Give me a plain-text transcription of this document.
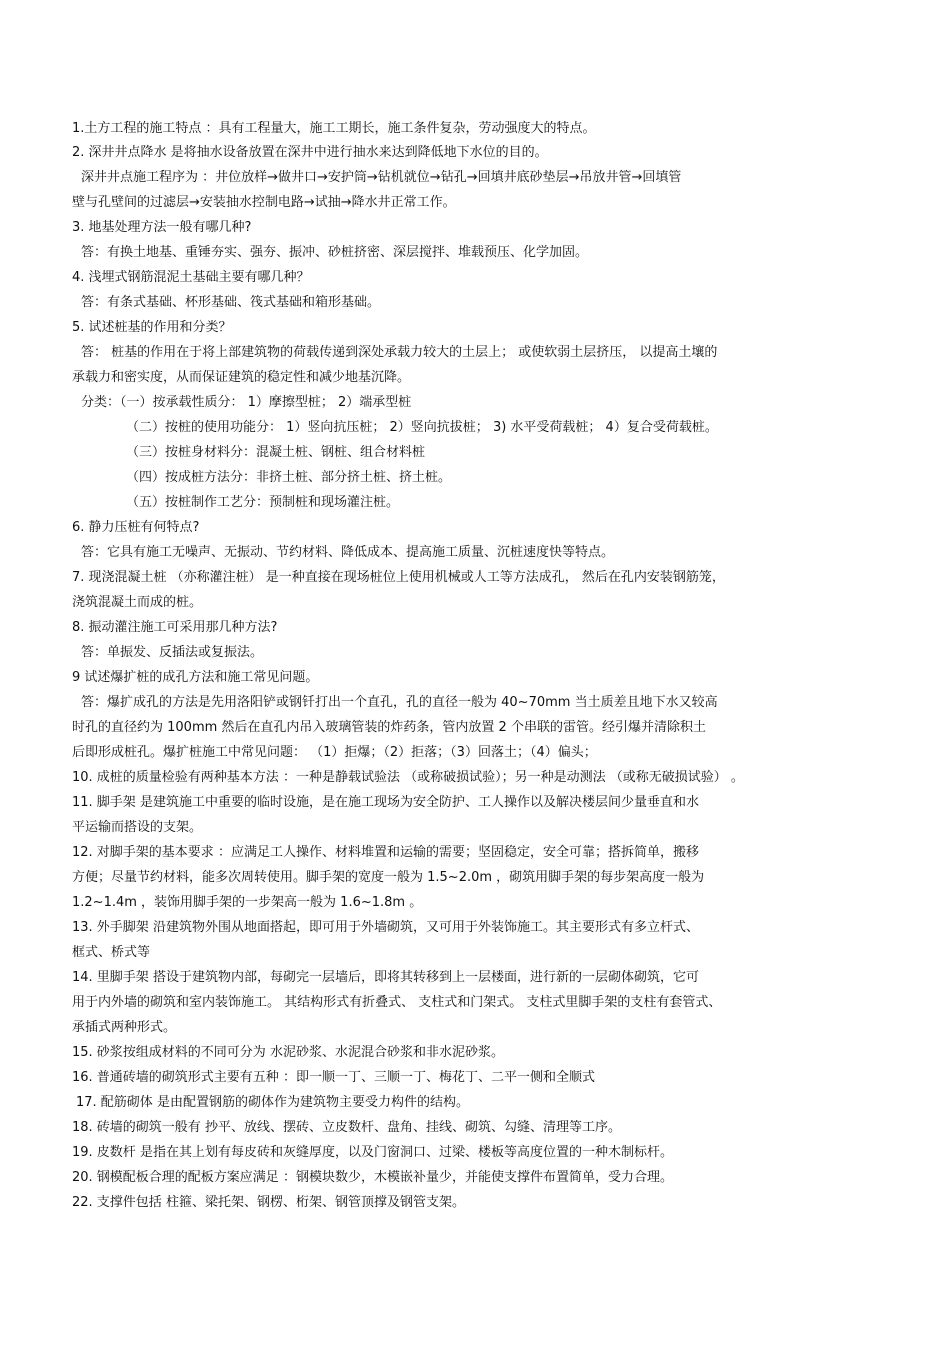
1.土方工程的施工特点 ：具有工程量大，施工工期长，施工条件复杂，劳动强度大的特点。
2. 深井井点降水 是将抽水设备放置在深井中进行抽水来达到降低地下水位的目的。
深井井点施工程序为 ：井位放样→做井口→安护筒→钻机就位→钻孔→回填井底砂垫层→吊放井管→回填管
壁与孔壁间的过滤层→安装抽水控制电路→试抽→降水井正常工作。
3. 地基处理方法一般有哪几种?
答：有换土地基、重锤夯实、强夯、振冲、砂桩挤密、深层搅拌、堆载预压、化学加固。
4. 浅埋式钢筋混泥土基础主要有哪几种？
答：有条式基础、杯形基础、筏式基础和箱形基础。
5. 试述桩基的作用和分类？
答： 桩基的作用在于将上部建筑物的荷载传递到深处承载力较大的土层上； 或使软弱土层挤压， 以提高土壤的
承载力和密实度，从而保证建筑的稳定性和减少地基沉降。
分类：（一）按承载性质分： 1）摩擦型桩； 2）端承型桩
（二）按桩的使用功能分： 1）竖向抗压桩； 2）竖向抗拔桩； 3) 水平受荷载桩； 4）复合受荷载桩。
（三）按桩身材料分：混凝土桩、钢桩、组合材料桩
（四）按成桩方法分：非挤土桩、部分挤土桩、挤土桩。
（五）按桩制作工艺分：预制桩和现场灌注桩。
6. 静力压桩有何特点?
答：它具有施工无噪声、无振动、节约材料、降低成本、提高施工质量、沉桩速度快等特点。
7. 现浇混凝土桩 （亦称灌注桩） 是一种直接在现场桩位上使用机械或人工等方法成孔， 然后在孔内安装钢筋笼，
浇筑混凝土而成的桩。
8. 振动灌注施工可采用那几种方法?
答：单振发、反插法或复振法。
9 试述爆扩桩的成孔方法和施工常见问题。
答：爆扩成孔的方法是先用洛阳铲或钢钎打出一个直孔，孔的直径一般为 40~70mm 当土质差且地下水又较高
时孔的直径约为 100mm 然后在直孔内吊入玻璃管装的炸药条，管内放置 2 个串联的雷管。经引爆并清除积土
后即形成桩孔。爆扩桩施工中常见问题： （1）拒爆；（2）拒落；（3）回落土；（4）偏头；
10. 成桩的质量检验有两种基本方法 ：一种是静载试验法 （或称破损试验）；另一种是动测法 （或称无破损试验） 。
11. 脚手架 是建筑施工中重要的临时设施，是在施工现场为安全防护、工人操作以及解决楼层间少量垂直和水
平运输而搭设的支架。
12. 对脚手架的基本要求 ：应满足工人操作、材料堆置和运输的需要；坚固稳定，安全可靠；搭拆简单，搬移
方便；尽量节约材料，能多次周转使用。脚手架的宽度一般为 1.5~2.0m ，砌筑用脚手架的每步架高度一般为
1.2~1.4m ，装饰用脚手架的一步架高一般为 1.6~1.8m 。
13. 外手脚架 沿建筑物外围从地面搭起，即可用于外墙砌筑，又可用于外装饰施工。其主要形式有多立杆式、
框式、桥式等
14. 里脚手架 搭设于建筑物内部，每砌完一层墙后，即将其转移到上一层楼面，进行新的一层砌体砌筑，它可
用于内外墙的砌筑和室内装饰施工。 其结构形式有折叠式、 支柱式和门架式。 支柱式里脚手架的支柱有套管式、
承插式两种形式。
15. 砂浆按组成材料的不同可分为 水泥砂浆、水泥混合砂浆和非水泥砂浆。
16. 普通砖墙的砌筑形式主要有五种 ：即一顺一丁、三顺一丁、梅花丁、二平一侧和全顺式
17. 配筋砌体 是由配置钢筋的砌体作为建筑物主要受力构件的结构。
18. 砖墙的砌筑一般有 抄平、放线、摆砖、立皮数杆、盘角、挂线、砌筑、勾缝、清理等工序。
19. 皮数杆 是指在其上划有每皮砖和灰缝厚度，以及门窗洞口、过梁、楼板等高度位置的一种木制标杆。
20. 钢模配板合理的配板方案应满足 ：钢模块数少，木模嵌补量少，并能使支撑件布置简单，受力合理。
22. 支撑件包括 柱箍、梁托架、钢楞、桁架、钢管顶撑及钢管支架。
